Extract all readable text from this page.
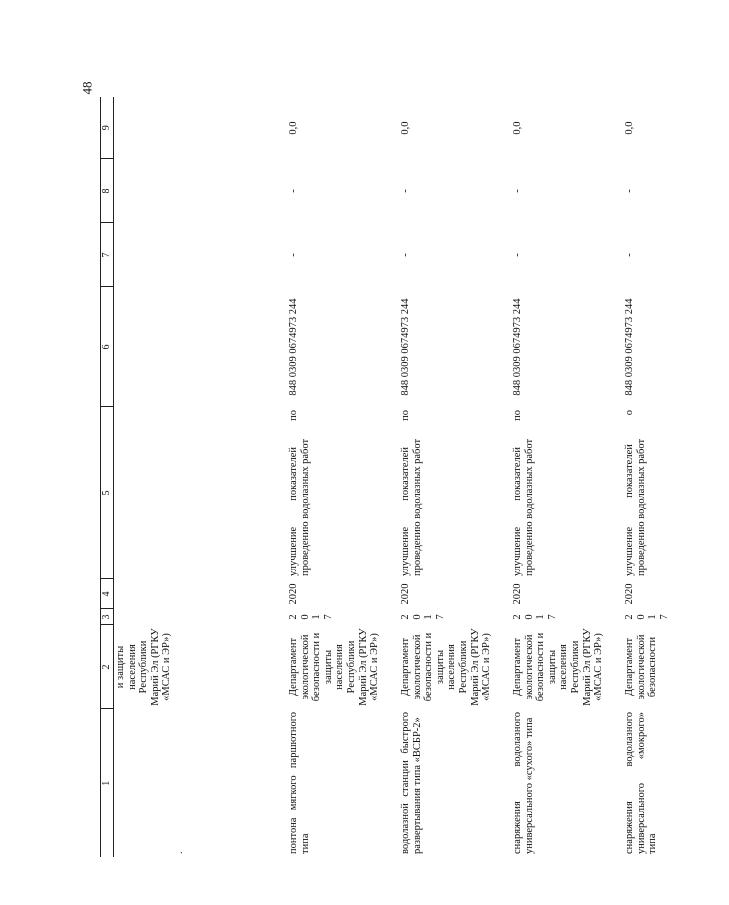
48
1	2	3	4	5	6	7	8	9
.	и защиты населения Республики Марий Эл (РГКУ «МСАС и ЭР»)							
понтона мягкого паршютного типа	Департамент экологической безопасности и защиты населения Республики Марий Эл (РГКУ «МСАС и ЭР»)	2017	2020	улучшение показателей по проведению водолазных работ	848 0309 0674973 244	-	-	0,0
водолазной станции быстрого развертывания типа «ВСБР-2»	Департамент экологической безопасности и защиты населения Республики Марий Эл (РГКУ «МСАС и ЭР»)	2017	2020	улучшение показателей по проведению водолазных работ	848 0309 0674973 244	-	-	0,0
снаряжения водолазного универсального «сухого» типа	Департамент экологической безопасности и защиты населения Республики Марий Эл (РГКУ «МСАС и ЭР»)	2017	2020	улучшение показателей по проведению водолазных работ	848 0309 0674973 244	-	-	0,0
снаряжения водолазного универсального «мокрого» типа	Департамент экологической безопасности	2017	2020	улучшение показателей о проведению водолазных работ	848 0309 0674973 244	-	-	0,0
